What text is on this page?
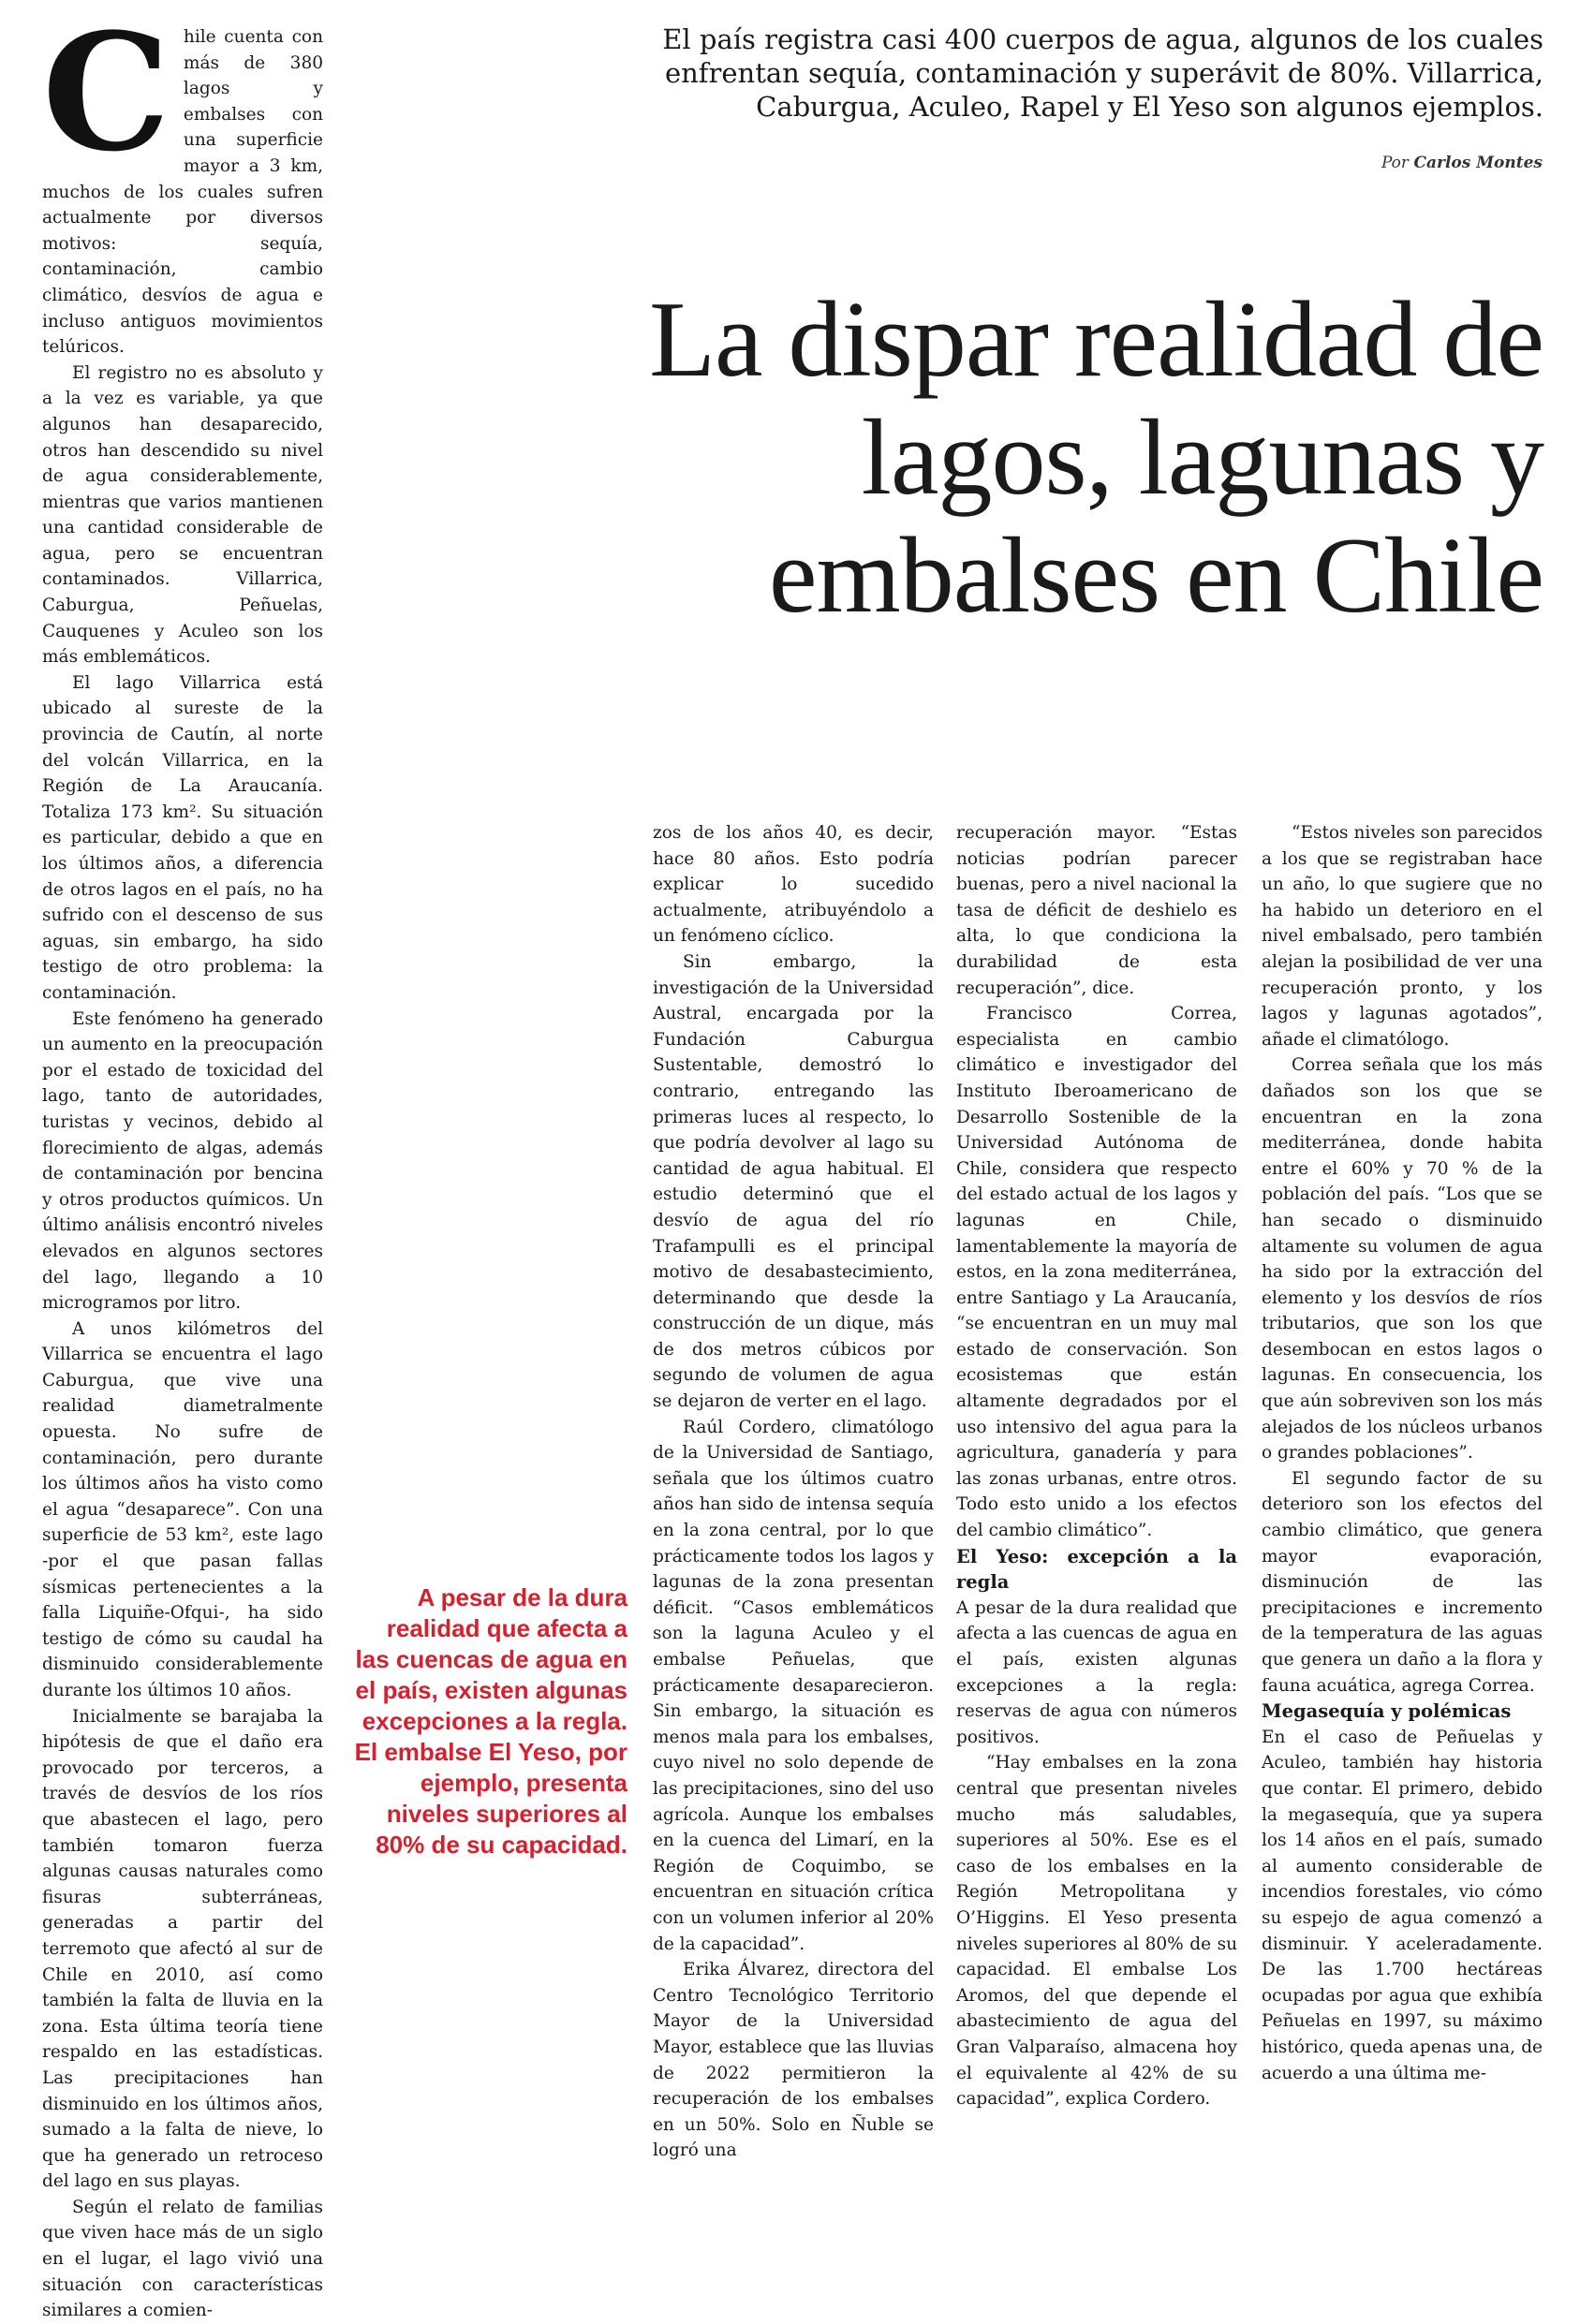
El país registra casi 400 cuerpos de agua, algunos de los cuales enfrentan sequía, contaminación y superávit de 80%. Villarrica, Caburgua, Aculeo, Rapel y El Yeso son algunos ejemplos.
Por Carlos Montes
La dispar realidad de lagos, lagunas y embalses en Chile
C hile cuenta con más de 380 lagos y embalses con una superficie mayor a 3 km, muchos de los cuales sufren actualmente por diversos motivos: sequía, contaminación, cambio climático, desvíos de agua e incluso antiguos movimientos telúricos.

El registro no es absoluto y a la vez es variable, ya que algunos han desaparecido, otros han descendido su nivel de agua considerablemente, mientras que varios mantienen una cantidad considerable de agua, pero se encuentran contaminados. Villarrica, Caburgua, Peñuelas, Cauquenes y Aculeo son los más emblemáticos.

El lago Villarrica está ubicado al sureste de la provincia de Cautín, al norte del volcán Villarrica, en la Región de La Araucanía. Totaliza 173 km². Su situación es particular, debido a que en los últimos años, a diferencia de otros lagos en el país, no ha sufrido con el descenso de sus aguas, sin embargo, ha sido testigo de otro problema: la contaminación.

Este fenómeno ha generado un aumento en la preocupación por el estado de toxicidad del lago, tanto de autoridades, turistas y vecinos, debido al florecimiento de algas, además de contaminación por bencina y otros productos químicos. Un último análisis encontró niveles elevados en algunos sectores del lago, llegando a 10 microgramos por litro.

A unos kilómetros del Villarrica se encuentra el lago Caburgua, que vive una realidad diametralmente opuesta. No sufre de contaminación, pero durante los últimos años ha visto como el agua “desaparece”. Con una superficie de 53 km², este lago -por el que pasan fallas sísmicas pertenecientes a la falla Liquiñe-Ofqui-, ha sido testigo de cómo su caudal ha disminuido considerablemente durante los últimos 10 años.

Inicialmente se barajaba la hipótesis de que el daño era provocado por terceros, a través de desvíos de los ríos que abastecen el lago, pero también tomaron fuerza algunas causas naturales como fisuras subterráneas, generadas a partir del terremoto que afectó al sur de Chile en 2010, así como también la falta de lluvia en la zona. Esta última teoría tiene respaldo en las estadísticas. Las precipitaciones han disminuido en los últimos años, sumado a la falta de nieve, lo que ha generado un retroceso del lago en sus playas.

Según el relato de familias que viven hace más de un siglo en el lugar, el lago vivió una situación con características similares a comien-

A pesar de la dura realidad que afecta a las cuencas de agua en el país, existen algunas excepciones a la regla. El embalse El Yeso, por ejemplo, presenta niveles superiores al 80% de su capacidad.

zos de los años 40, es decir, hace 80 años. Esto podría explicar lo sucedido actualmente, atribuyéndolo a un fenómeno cíclico.

Sin embargo, la investigación de la Universidad Austral, encargada por la Fundación Caburgua Sustentable, demostró lo contrario, entregando las primeras luces al respecto, lo que podría devolver al lago su cantidad de agua habitual. El estudio determinó que el desvío de agua del río Trafampulli es el principal motivo de desabastecimiento, determinando que desde la construcción de un dique, más de dos metros cúbicos por segundo de volumen de agua se dejaron de verter en el lago.

Raúl Cordero, climatólogo de la Universidad de Santiago, señala que los últimos cuatro años han sido de intensa sequía en la zona central, por lo que prácticamente todos los lagos y lagunas de la zona presentan déficit. “Casos emblemáticos son la laguna Aculeo y el embalse Peñuelas, que prácticamente desaparecieron. Sin embargo, la situación es menos mala para los embalses, cuyo nivel no solo depende de las precipitaciones, sino del uso agrícola. Aunque los embalses en la cuenca del Limarí, en la Región de Coquimbo, se encuentran en situación crítica con un volumen inferior al 20% de la capacidad”.

Erika Álvarez, directora del Centro Tecnológico Territorio Mayor de la Universidad Mayor, establece que las lluvias de 2022 permitieron la recuperación de los embalses en un 50%. Solo en Ñuble se logró una

recuperación mayor. “Estas noticias podrían parecer buenas, pero a nivel nacional la tasa de déficit de deshielo es alta, lo que condiciona la durabilidad de esta recuperación”, dice.

Francisco Correa, especialista en cambio climático e investigador del Instituto Iberoamericano de Desarrollo Sostenible de la Universidad Autónoma de Chile, considera que respecto del estado actual de los lagos y lagunas en Chile, lamentablemente la mayoría de estos, en la zona mediterránea, entre Santiago y La Araucanía, “se encuentran en un muy mal estado de conservación. Son ecosistemas que están altamente degradados por el uso intensivo del agua para la agricultura, ganadería y para las zonas urbanas, entre otros. Todo esto unido a los efectos del cambio climático”.

El Yeso: excepción a la regla

A pesar de la dura realidad que afecta a las cuencas de agua en el país, existen algunas excepciones a la regla: reservas de agua con números positivos.

“Hay embalses en la zona central que presentan niveles mucho más saludables, superiores al 50%. Ese es el caso de los embalses en la Región Metropolitana y O’Higgins. El Yeso presenta niveles superiores al 80% de su capacidad. El embalse Los Aromos, del que depende el abastecimiento de agua del Gran Valparaíso, almacena hoy el equivalente al 42% de su capacidad”, explica Cordero.

“Estos niveles son parecidos a los que se registraban hace un año, lo que sugiere que no ha habido un deterioro en el nivel embalsado, pero también alejan la posibilidad de ver una recuperación pronto, y los lagos y lagunas agotados”, añade el climatólogo.

Correa señala que los más dañados son los que se encuentran en la zona mediterránea, donde habita entre el 60% y 70 % de la población del país. “Los que se han secado o disminuido altamente su volumen de agua ha sido por la extracción del elemento y los desvíos de ríos tributarios, que son los que desembocan en estos lagos o lagunas. En consecuencia, los que aún sobreviven son los más alejados de los núcleos urbanos o grandes poblaciones”.

El segundo factor de su deterioro son los efectos del cambio climático, que genera mayor evaporación, disminución de las precipitaciones e incremento de la temperatura de las aguas que genera un daño a la flora y fauna acuática, agrega Correa.

Megasequía y polémicas

En el caso de Peñuelas y Aculeo, también hay historia que contar. El primero, debido la megasequía, que ya supera los 14 años en el país, sumado al aumento considerable de incendios forestales, vio cómo su espejo de agua comenzó a disminuir. Y aceleradamente. De las 1.700 hectáreas ocupadas por agua que exhibía Peñuelas en 1997, su máximo histórico, queda apenas una, de acuerdo a una última me-
